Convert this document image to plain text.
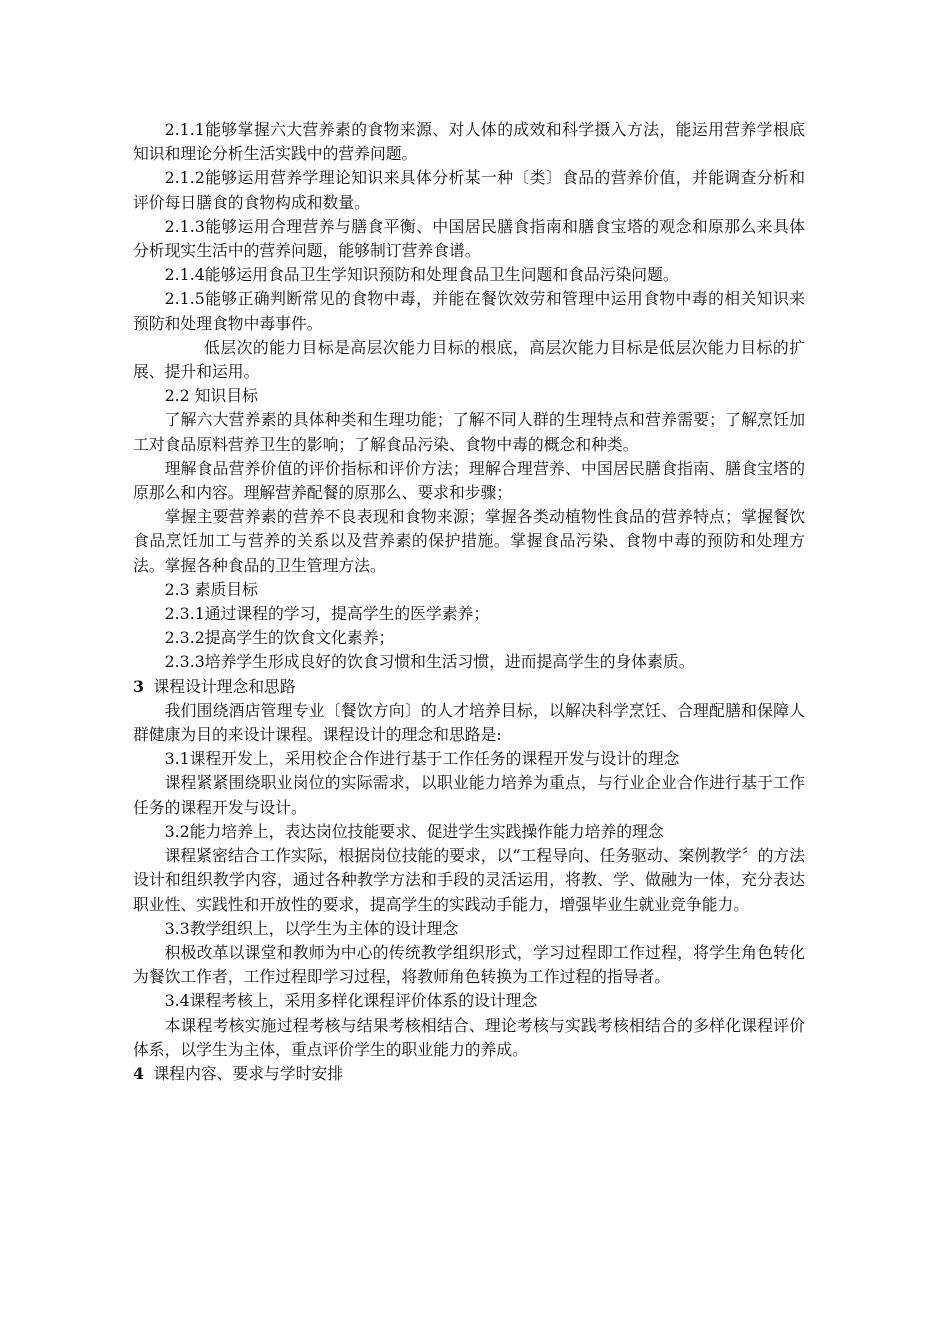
2.1.1能够掌握六大营养素的食物来源、对人体的成效和科学摄入方法，能运用营养学根底知识和理论分析生活实践中的营养问题。

2.1.2能够运用营养学理论知识来具体分析某一种〔类〕食品的营养价值，并能调查分析和评价每日膳食的食物构成和数量。

2.1.3能够运用合理营养与膳食平衡、中国居民膳食指南和膳食宝塔的观念和原那么来具体分析现实生活中的营养问题，能够制订营养食谱。

2.1.4能够运用食品卫生学知识预防和处理食品卫生问题和食品污染问题。

2.1.5能够正确判断常见的食物中毒，并能在餐饮效劳和管理中运用食物中毒的相关知识来预防和处理食物中毒事件。

低层次的能力目标是高层次能力目标的根底，高层次能力目标是低层次能力目标的扩展、提升和运用。

2.2 知识目标

了解六大营养素的具体种类和生理功能；了解不同人群的生理特点和营养需要；了解烹饪加工对食品原料营养卫生的影响；了解食品污染、食物中毒的概念和种类。

理解食品营养价值的评价指标和评价方法；理解合理营养、中国居民膳食指南、膳食宝塔的原那么和内容。理解营养配餐的原那么、要求和步骤；

掌握主要营养素的营养不良表现和食物来源；掌握各类动植物性食品的营养特点；掌握餐饮食品烹饪加工与营养的关系以及营养素的保护措施。掌握食品污染、食物中毒的预防和处理方法。掌握各种食品的卫生管理方法。

2.3 素质目标

2.3.1通过课程的学习，提高学生的医学素养；

2.3.2提高学生的饮食文化素养；

2.3.3培养学生形成良好的饮食习惯和生活习惯，进而提高学生的身体素质。

3 课程设计理念和思路

我们围绕酒店管理专业〔餐饮方向〕的人才培养目标，以解决科学烹饪、合理配膳和保障人群健康为目的来设计课程。课程设计的理念和思路是:

3.1课程开发上，采用校企合作进行基于工作任务的课程开发与设计的理念

课程紧紧围绕职业岗位的实际需求，以职业能力培养为重点，与行业企业合作进行基于工作任务的课程开发与设计。

3.2能力培养上，表达岗位技能要求、促进学生实践操作能力培养的理念

课程紧密结合工作实际，根据岗位技能的要求，以“工程导向、任务驱动、案例教学〞的方法设计和组织教学内容，通过各种教学方法和手段的灵活运用，将教、学、做融为一体，充分表达职业性、实践性和开放性的要求，提高学生的实践动手能力，增强毕业生就业竞争能力。

3.3教学组织上，以学生为主体的设计理念

积极改革以课堂和教师为中心的传统教学组织形式，学习过程即工作过程，将学生角色转化为餐饮工作者，工作过程即学习过程，将教师角色转换为工作过程的指导者。

3.4课程考核上，采用多样化课程评价体系的设计理念

本课程考核实施过程考核与结果考核相结合、理论考核与实践考核相结合的多样化课程评价体系，以学生为主体，重点评价学生的职业能力的养成。

4 课程内容、要求与学时安排
